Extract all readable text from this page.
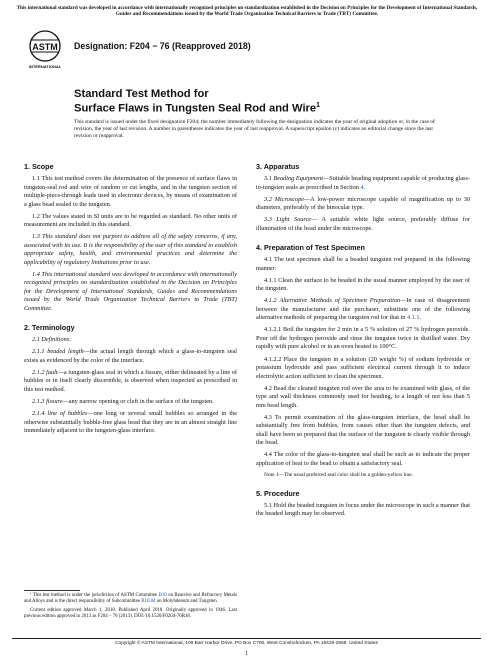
This international standard was developed in accordance with internationally recognized principles on standardization established in the Decision on Principles for the Development of International Standards, Guides and Recommendations issued by the World Trade Organization Technical Barriers to Trade (TBT) Committee.
ASTM
INTERNATIONAL
Designation: F204 − 76 (Reapproved 2018)
Standard Test Method for
Surface Flaws in Tungsten Seal Rod and Wire$^1$
This standard is issued under the fixed designation F204; the number immediately following the designation indicates the year of original adoption or, in the case of revision, the year of last revision. A number in parentheses indicates the year of last reapproval. A superscript epsilon (ε) indicates an editorial change since the last revision or reapproval.
1. Scope

1.1 This test method covers the determination of the presence of surface flaws in tungsten-seal rod and wire of random or cut lengths, and in the tungsten section of multiple-piece-through leads used in electronic devices, by means of examination of a glass bead sealed to the tungsten.

1.2 The values stated in SI units are to be regarded as standard. No other units of measurement are included in this standard.

1.3 This standard does not purport to address all of the safety concerns, if any, associated with its use. It is the responsibility of the user of this standard to establish appropriate safety, health, and environmental practices and determine the applicability of regulatory limitations prior to use.

1.4 This international standard was developed in accordance with internationally recognized principles on standardization established in the Decision on Principles for the Development of International Standards, Guides and Recommendations issued by the World Trade Organization Technical Barriers to Trade (TBT) Committee.

2. Terminology

2.1 Definitions:

2.1.1 beaded length—the actual length through which a glass-to-tungsten seal exists as evidenced by the color of the interface.

2.1.2 fault—a tungsten-glass seal in which a fissure, either delineated by a line of bubbles or in itself clearly discernible, is observed when inspected as prescribed in this test method.

2.1.3 fissure—any narrow opening or cleft in the surface of the tungsten.

2.1.4 line of bubbles—one long or several small bubbles so arranged in the otherwise substantially bubble-free glass bead that they are in an almost straight line immediately adjacent to the tungsten-glass interface.

3. Apparatus

3.1 Beading Equipment—Suitable beading equipment capable of producing glass-to-tungsten seals as prescribed in Section 4.

3.2 Microscope—A low-power microscope capable of magnification up to 30 diameters, preferably of the binocular type.

3.3 Light Source— A suitable white light source, preferably diffuse for illumination of the bead under the microscope.

4. Preparation of Test Specimen

4.1 The test specimen shall be a beaded tungsten rod prepared in the following manner:

4.1.1 Clean the surface to be beaded in the usual manner employed by the user of the tungsten.

4.1.2 Alternative Methods of Specimen Preparation—In case of disagreement between the manufacturer and the purchaser, substitute one of the following alternative methods of preparing the tungsten rod for that in 4.1.1.

4.1.2.1 Boil the tungsten for 2 min in a 5 % solution of 27 % hydrogen peroxide. Pour off the hydrogen peroxide and rinse the tungsten twice in distilled water. Dry rapidly with pure alcohol or in an oven heated to 100°C.

4.1.2.2 Place the tungsten in a solution (20 weight %) of sodium hydroxide or potassium hydroxide and pass sufficient electrical current through it to induce electrolytic action sufficient to clean the specimen.

4.2 Bead the cleaned tungsten rod over the area to be examined with glass, of the type and wall thickness commonly used for beading, to a length of not less than 5 mm bead length.

4.3 To permit examination of the glass-tungsten interface, the bead shall be substantially free from bubbles, from causes other than the tungsten defects, and shall have been so prepared that the surface of the tungsten is clearly visible through the bead.

4.4 The color of the glass-to-tungsten seal shall be such as to indicate the proper application of heat to the bead to obtain a satisfactory seal.

Note 1—The usual preferred seal color shall be a golden-yellow hue.

5. Procedure

5.1 Hold the beaded tungsten in focus under the microscope in such a manner that the beaded length may be observed.

¹ This test method is under the jurisdiction of ASTM Committee B10 on Reactive and Refractory Metals and Alloys and is the direct responsibility of Subcommittee B10.04 on Molybdenum and Tungsten.

Current edition approved March 1, 2018. Published April 2018. Originally approved in 1946. Last previous edition approved in 2013 as F204 – 76 (2013). DOI: 10.1520/F0204-76R18.

Copyright © ASTM International, 100 Barr Harbor Drive, PO Box C700, West Conshohocken, PA 19428-2959. United States
1
